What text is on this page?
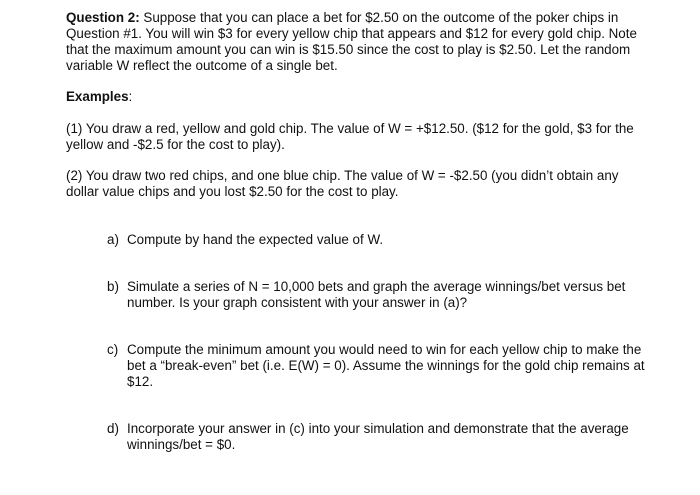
Question 2: Suppose that you can place a bet for $2.50 on the outcome of the poker chips in Question #1. You will win $3 for every yellow chip that appears and $12 for every gold chip. Note that the maximum amount you can win is $15.50 since the cost to play is $2.50. Let the random variable W reflect the outcome of a single bet.

Examples:

(1) You draw a red, yellow and gold chip. The value of W = +$12.50. ($12 for the gold, $3 for the yellow and -$2.5 for the cost to play).

(2) You draw two red chips, and one blue chip. The value of W = -$2.50 (you didn’t obtain any dollar value chips and you lost $2.50 for the cost to play.

a) Compute by hand the expected value of W.
b) Simulate a series of N = 10,000 bets and graph the average winnings/bet versus bet number. Is your graph consistent with your answer in (a)?
c) Compute the minimum amount you would need to win for each yellow chip to make the bet a “break-even” bet (i.e. E(W) = 0). Assume the winnings for the gold chip remains at $12.
d) Incorporate your answer in (c) into your simulation and demonstrate that the average winnings/bet = $0.
